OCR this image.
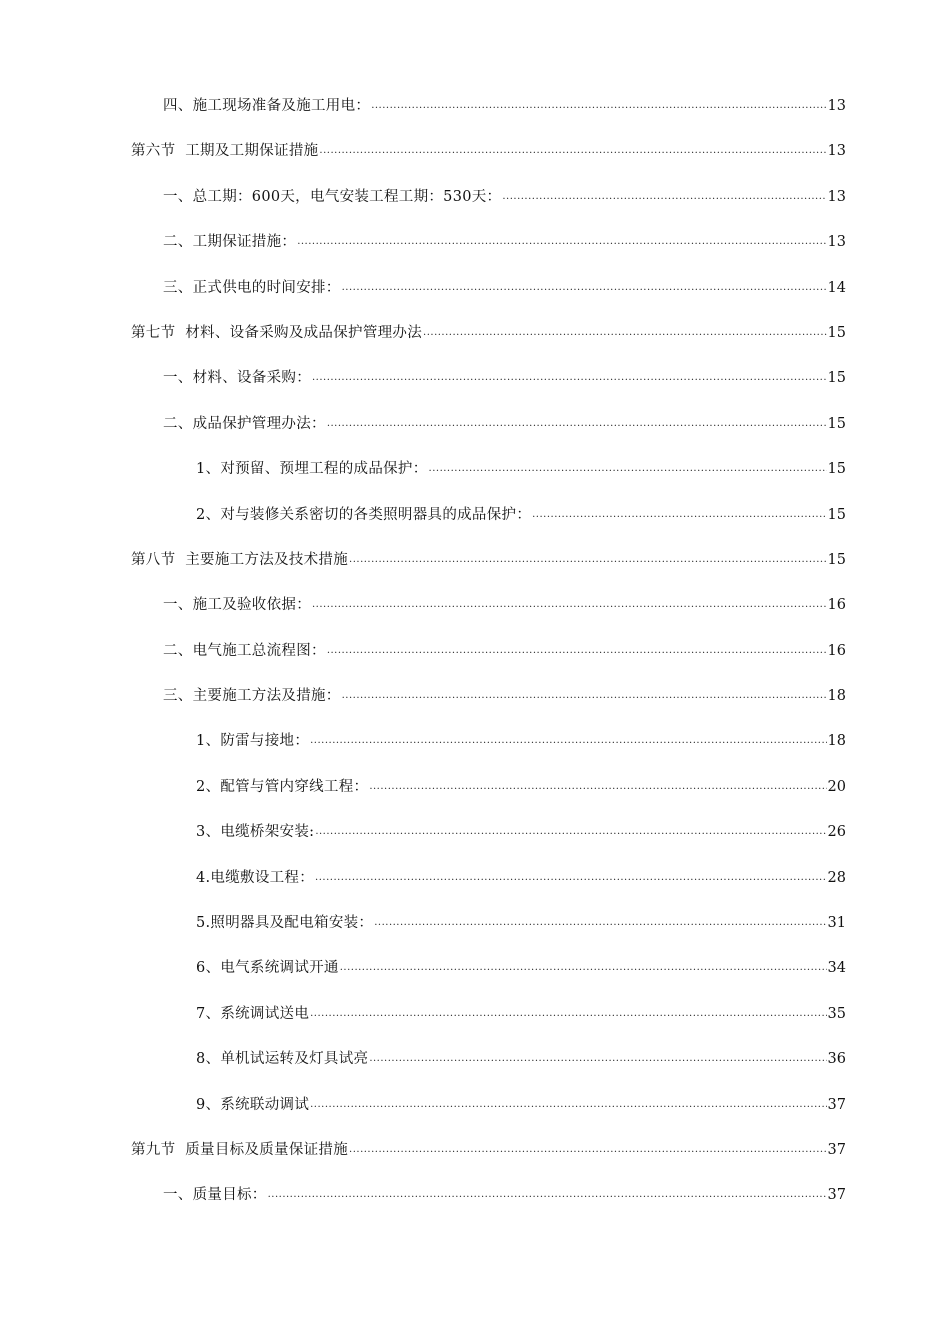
四、施工现场准备及施工用电： .....	13
第六节  工期及工期保证措施 .....	13
一、总工期：600天，电气安装工程工期：530天： .....	13
二、工期保证措施： .....	13
三、正式供电的时间安排： .....	14
第七节  材料、设备采购及成品保护管理办法 .....	15
一、材料、设备采购： .....	15
二、成品保护管理办法： .....	15
1、对预留、预埋工程的成品保护： .....	15
2、对与装修关系密切的各类照明器具的成品保护： .....	15
第八节  主要施工方法及技术措施 .....	15
一、施工及验收依据： .....	16
二、电气施工总流程图： .....	16
三、主要施工方法及措施： .....	18
1、防雷与接地： .....	18
2、配管与管内穿线工程： .....	20
3、电缆桥架安装: .....	26
4.电缆敷设工程： .....	28
5.照明器具及配电箱安装： .....	31
6、电气系统调试开通 .....	34
7、系统调试送电 .....	35
8、单机试运转及灯具试亮 .....	36
9、系统联动调试 .....	37
第九节  质量目标及质量保证措施 .....	37
一、质量目标： .....	37
